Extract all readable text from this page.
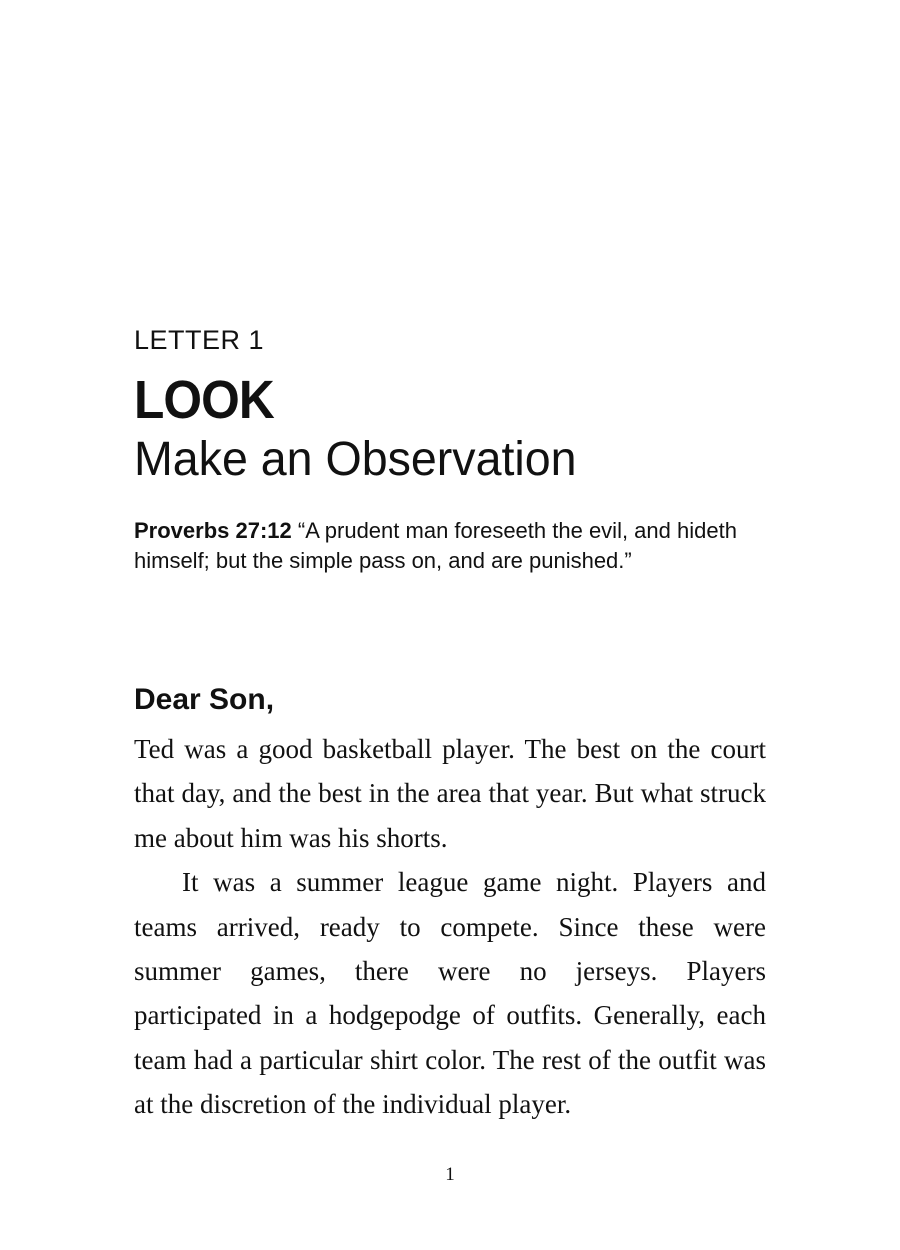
LETTER 1
LOOK
Make an Observation
Proverbs 27:12 “A prudent man foreseeth the evil, and hideth himself; but the simple pass on, and are punished.”
Dear Son,

Ted was a good basketball player. The best on the court that day, and the best in the area that year. But what struck me about him was his shorts.

It was a summer league game night. Players and teams arrived, ready to compete. Since these were summer games, there were no jerseys. Players participated in a hodgepodge of outfits. Generally, each team had a particular shirt color. The rest of the outfit was at the discretion of the individual player.

1
